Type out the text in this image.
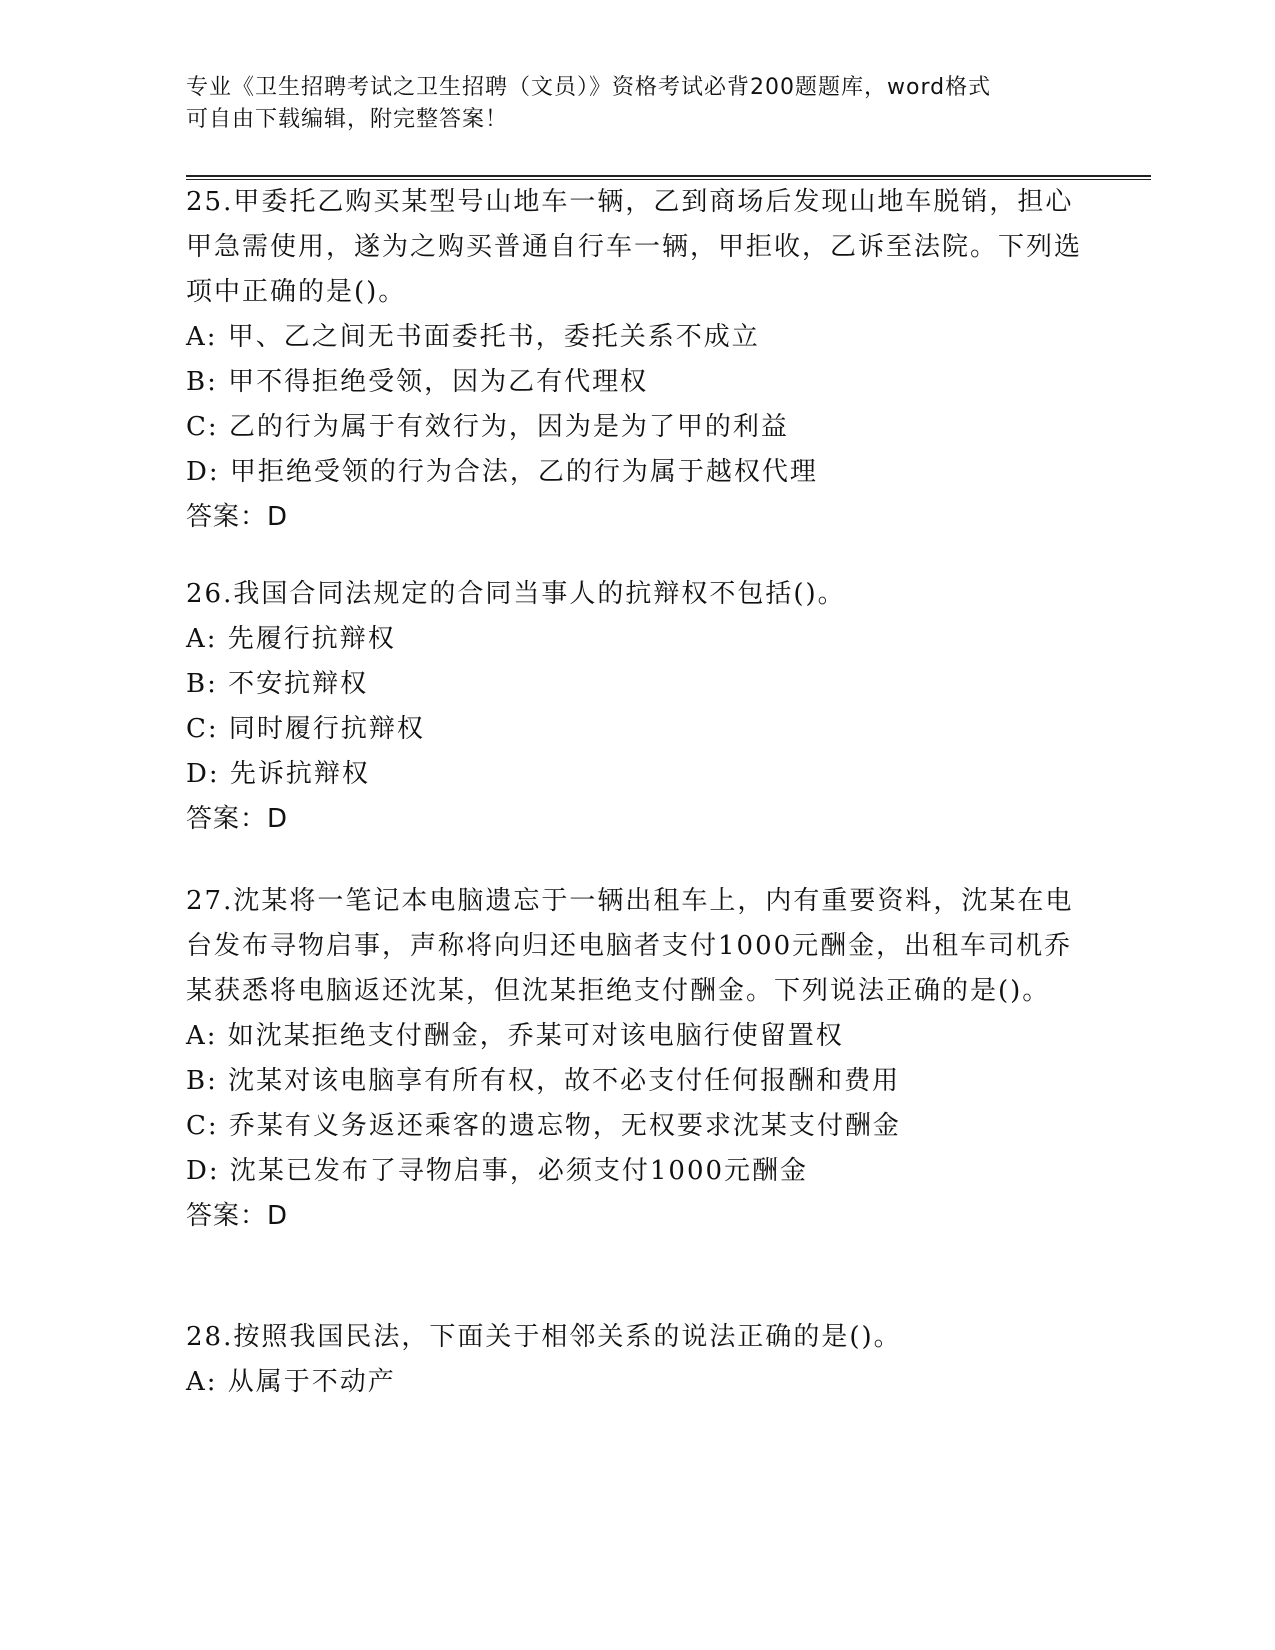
专业《卫生招聘考试之卫生招聘（文员）》资格考试必背200题题库，word格式
可自由下载编辑，附完整答案！
25.甲委托乙购买某型号山地车一辆，乙到商场后发现山地车脱销，担心甲急需使用，遂为之购买普通自行车一辆，甲拒收，乙诉至法院。下列选项中正确的是()。
A: 甲、乙之间无书面委托书，委托关系不成立
B: 甲不得拒绝受领，因为乙有代理权
C: 乙的行为属于有效行为，因为是为了甲的利益
D: 甲拒绝受领的行为合法，乙的行为属于越权代理
答案：D
26.我国合同法规定的合同当事人的抗辩权不包括()。
A: 先履行抗辩权
B: 不安抗辩权
C: 同时履行抗辩权
D: 先诉抗辩权
答案：D
27.沈某将一笔记本电脑遗忘于一辆出租车上，内有重要资料，沈某在电台发布寻物启事，声称将向归还电脑者支付1000元酬金，出租车司机乔某获悉将电脑返还沈某，但沈某拒绝支付酬金。下列说法正确的是()。
A: 如沈某拒绝支付酬金，乔某可对该电脑行使留置权
B: 沈某对该电脑享有所有权，故不必支付任何报酬和费用
C: 乔某有义务返还乘客的遗忘物，无权要求沈某支付酬金
D: 沈某已发布了寻物启事，必须支付1000元酬金
答案：D
28.按照我国民法，下面关于相邻关系的说法正确的是()。
A: 从属于不动产
